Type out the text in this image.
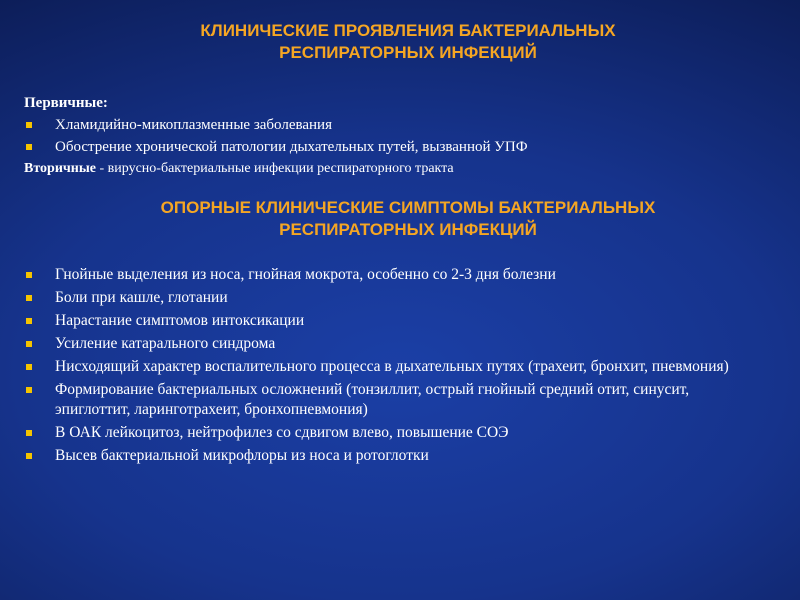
КЛИНИЧЕСКИЕ ПРОЯВЛЕНИЯ БАКТЕРИАЛЬНЫХ
РЕСПИРАТОРНЫХ ИНФЕКЦИЙ
Первичные:
Хламидийно-микоплазменные заболевания
Обострение хронической патологии дыхательных путей, вызванной УПФ
Вторичные - вирусно-бактериальные инфекции респираторного тракта
ОПОРНЫЕ КЛИНИЧЕСКИЕ СИМПТОМЫ БАКТЕРИАЛЬНЫХ
РЕСПИРАТОРНЫХ ИНФЕКЦИЙ
Гнойные выделения из носа, гнойная мокрота, особенно со 2-3 дня болезни
Боли при кашле, глотании
Нарастание симптомов интоксикации
Усиление катарального синдрома
Нисходящий характер воспалительного процесса в дыхательных путях (трахеит, бронхит, пневмония)
Формирование бактериальных осложнений (тонзиллит, острый гнойный средний отит, синусит, эпиглоттит, ларинготрахеит, бронхопневмония)
В ОАК лейкоцитоз, нейтрофилез со сдвигом влево, повышение СОЭ
Высев бактериальной микрофлоры из носа и ротоглотки
